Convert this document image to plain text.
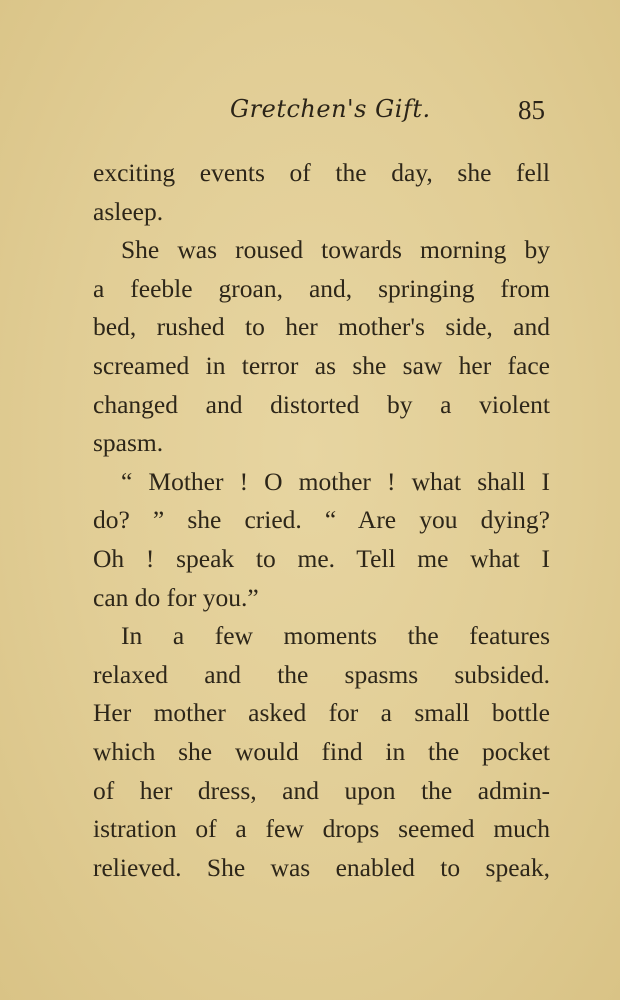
Gretchen's Gift.	85
exciting events of the day, she fell
asleep.
She was roused towards morning by
a feeble groan, and, springing from
bed, rushed to her mother's side, and
screamed in terror as she saw her face
changed and distorted by a violent
spasm.
“ Mother ! O mother ! what shall I
do? ” she cried. “ Are you dying?
Oh ! speak to me. Tell me what I
can do for you.”
In a few moments the features
relaxed and the spasms subsided.
Her mother asked for a small bottle
which she would find in the pocket
of her dress, and upon the admin-
istration of a few drops seemed much
relieved. She was enabled to speak,
